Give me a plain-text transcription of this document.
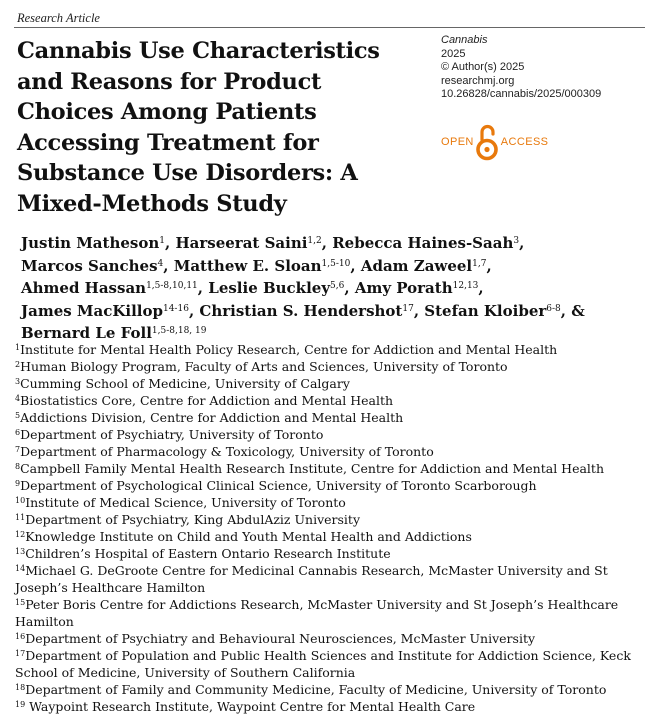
Research Article
Cannabis Use Characteristics and Reasons for Product Choices Among Patients Accessing Treatment for Substance Use Disorders: A Mixed-Methods Study
Cannabis
2025
© Author(s) 2025
researchmj.org
10.26828/cannabis/2025/000309
OPEN ACCESS
Justin Matheson$^1$, Harseerat Saini$^{1,2}$, Rebecca Haines-Saah$^3$, Marcos Sanches$^4$, Matthew E. Sloan$^{1,5-10}$, Adam Zaweel$^{1,7}$, Ahmed Hassan$^{1,5-8,10,11}$, Leslie Buckley$^{5,6}$, Amy Porath$^{12,13}$, James MacKillop$^{14-16}$, Christian S. Hendershot$^{17}$, Stefan Kloiber$^{6-8}$, & Bernard Le Foll$^{1,5-8,18, 19}$
$^1$Institute for Mental Health Policy Research, Centre for Addiction and Mental Health
$^2$Human Biology Program, Faculty of Arts and Sciences, University of Toronto
$^3$Cumming School of Medicine, University of Calgary
$^4$Biostatistics Core, Centre for Addiction and Mental Health
$^5$Addictions Division, Centre for Addiction and Mental Health
$^6$Department of Psychiatry, University of Toronto
$^7$Department of Pharmacology & Toxicology, University of Toronto
$^8$Campbell Family Mental Health Research Institute, Centre for Addiction and Mental Health
$^9$Department of Psychological Clinical Science, University of Toronto Scarborough
$^{10}$Institute of Medical Science, University of Toronto
$^{11}$Department of Psychiatry, King AbdulAziz University
$^{12}$Knowledge Institute on Child and Youth Mental Health and Addictions
$^{13}$Children’s Hospital of Eastern Ontario Research Institute
$^{14}$Michael G. DeGroote Centre for Medicinal Cannabis Research, McMaster University and St Joseph’s Healthcare Hamilton
$^{15}$Peter Boris Centre for Addictions Research, McMaster University and St Joseph’s Healthcare Hamilton
$^{16}$Department of Psychiatry and Behavioural Neurosciences, McMaster University
$^{17}$Department of Population and Public Health Sciences and Institute for Addiction Science, Keck School of Medicine, University of Southern California
$^{18}$Department of Family and Community Medicine, Faculty of Medicine, University of Toronto
$^{19}$ Waypoint Research Institute, Waypoint Centre for Mental Health Care
